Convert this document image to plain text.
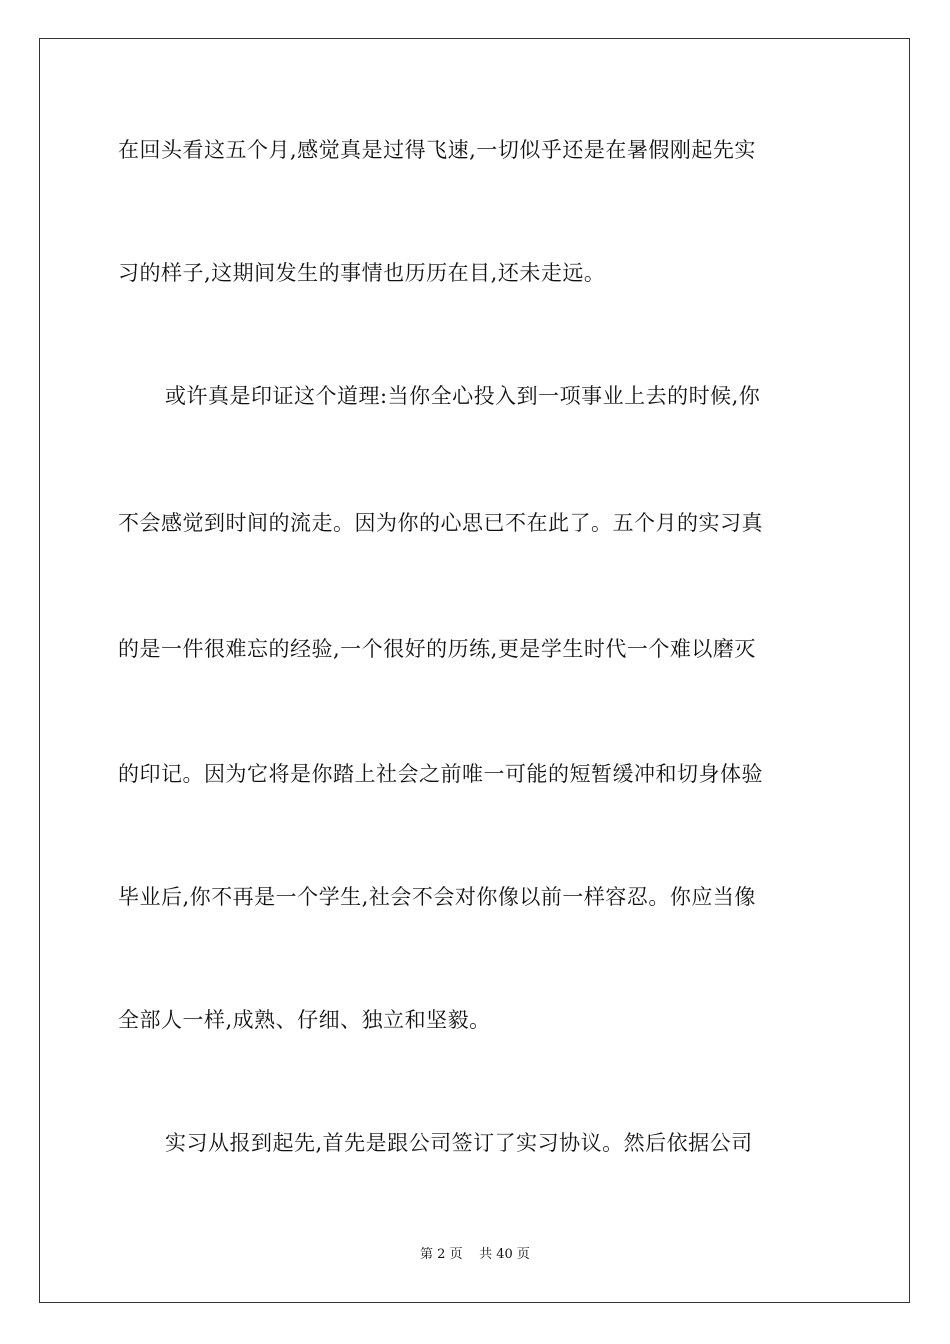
在回头看这五个月,感觉真是过得飞速,一切似乎还是在暑假刚起先实
习的样子,这期间发生的事情也历历在目,还未走远。
或许真是印证这个道理:当你全心投入到一项事业上去的时候,你
不会感觉到时间的流走。因为你的心思已不在此了。五个月的实习真
的是一件很难忘的经验,一个很好的历练,更是学生时代一个难以磨灭
的印记。因为它将是你踏上社会之前唯一可能的短暂缓冲和切身体验
毕业后,你不再是一个学生,社会不会对你像以前一样容忍。你应当像
全部人一样,成熟、仔细、独立和坚毅。
实习从报到起先,首先是跟公司签订了实习协议。然后依据公司
第 2 页 共 40 页
